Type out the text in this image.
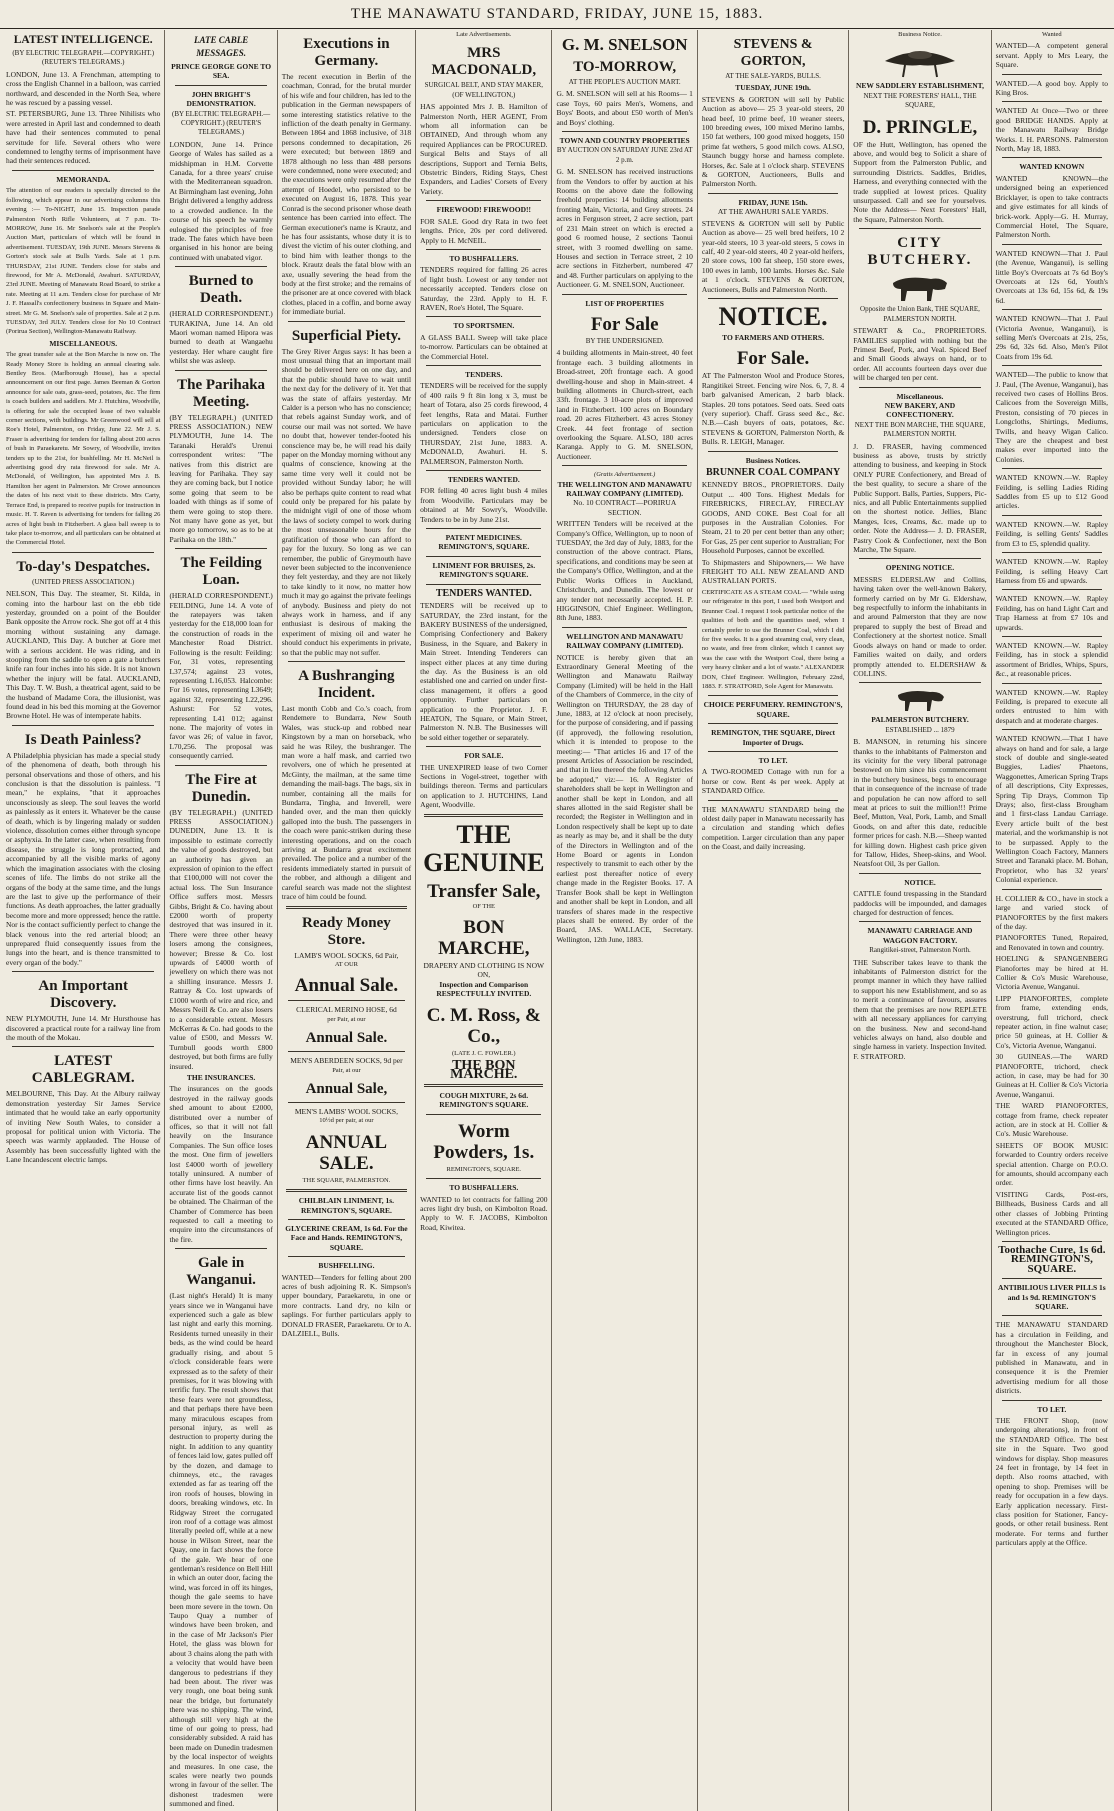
THE MANAWATU STANDARD, FRIDAY, JUNE 15, 1883.
LATEST INTELLIGENCE.
(BY ELECTRIC TELEGRAPH.—COPYRIGHT.) (REUTER'S TELEGRAMS.)
LONDON, June 13. A Frenchman, attempting to cross the English Channel in a balloon, was carried northward, and descended in the North Sea, where he was rescued by a passing vessel.
ST. PETERSBURG, June 13. Three Nihilists who were arrested in April last and condemned to death have had their sentences commuted to penal servitude for life. Several others who were condemned to lengthy terms of imprisonment have had their sentences reduced.
MEMORANDA.
The attention of our readers is specially directed to the following, which appear in our advertising columns this evening :— To-NIGHT, June 15. Inspection parade Palmerston North Rifle Volunteers, at 7 p.m. To-MORROW, June 16. Mr Snelson's sale at the People's Auction Mart, particulars of which will be found in advertisement. TUESDAY, 19th JUNE. Messrs Stevens & Gorton's stock sale at Bulls Yards. Sale at 1 p.m. THURSDAY, 21st JUNE. Tenders close for stabs and firewood, for Mr A. McDonald, Awahuri. SATURDAY, 23rd JUNE. Meeting of Manawatu Road Board, to strike a rate. Meeting at 11 a.m. Tenders close for purchase of Mr J. F. Hassall's confectionery business in Square and Main-street. Mr G. M. Snelson's sale of properties. Sale at 2 p.m. TUESDAY, 3rd JULY. Tenders close for No 10 Contract (Porirua Section), Wellington-Manawatu Railway.
MISCELLANEOUS.
The great transfer sale at the Bon Marche is now on. The Ready Money Store is holding an annual clearing sale. Bentley Bros. (Marlborough House), has a special announcement on our first page. James Beeman & Gorton announce for sale oats, grass-seed, potatoes, &c. The firm is coach builders and saddlers. Mr J. Hutchins, Woodville, is offering for sale the occupied lease of two valuable corner sections, with buildings. Mr Greenwood will sell at Roe's Hotel, Palmerston, on Friday, June 22. Mr J. S. Fraser is advertising for tenders for falling about 200 acres of bush in Paraekaretu. Mr Sowry, of Woodville, invites tenders up to the 21st, for bushfelling. Mr H. McNeil is advertising good dry rata firewood for sale. Mr A. McDonald, of Wellington, has appointed Mrs J. B. Hamilton her agent in Palmerston. Mr Crowe announces the dates of his next visit to these districts. Mrs Carty, Terrace End, is prepared to receive pupils for instruction in music. H. T. Raven is advertising for tenders for falling 26 acres of light bush in Fitzherbert. A glass ball sweep is to take place to-morrow, and all particulars can be obtained at the Commercial Hotel.
To-day's Despatches.
(UNITED PRESS ASSOCIATION.)
NELSON, This Day. The steamer, St. Kilda, in coming into the harbour last on the ebb tide yesterday, grounded on a point of the Boulder Bank opposite the Arrow rock. She got off at 4 this morning without sustaining any damage. AUCKLAND, This Day. A butcher at Gore met with a serious accident. He was riding, and in stooping from the saddle to open a gate a butchers knife ran four inches into his side. It is not known whether the injury will be fatal. AUCKLAND, This Day. T. W. Bush, a theatrical agent, said to be the husband of Madame Cora, the illusionist, was found dead in his bed this morning at the Governor Browne Hotel. He was of intemperate habits.
Is Death Painless?
A Philadelphia physician has made a special study of the phenomena of death, both through his personal observations and those of others, and his conclusion is that the dissolution is painless. "I mean," he explains, "that it approaches unconsciously as sleep. The soul leaves the world as painlessly as it enters it. Whatever be the cause of death, which is by lingering malady or sudden violence, dissolution comes either through syncope or asphyxia. In the latter case, when resulting from disease, the struggle is long protracted, and accompanied by all the visible marks of agony which the imagination associates with the closing scenes of life. The limbs do not strike all the organs of the body at the same time, and the lungs are the last to give up the performance of their functions. As death approaches, the latter gradually become more and more oppressed; hence the rattle. Nor is the contact sufficiently perfect to change the black venous into the red arterial blood; an unprepared fluid consequently issues from the lungs into the heart, and is thence transmitted to every organ of the body."
An Important Discovery.
NEW PLYMOUTH, June 14. Mr Hursthouse has discovered a practical route for a railway line from the mouth of the Mokau.
LATEST CABLEGRAM.
MELBOURNE, This Day. At the Albury railway demonstration yesterday Sir James Service intimated that he would take an early opportunity of inviting New South Wales, to consider a proposal for political union with Victoria. The speech was warmly applauded. The House of Assembly has been successfully lighted with the Lane Incandescent electric lamps.
LATE CABLE MESSAGES.
PRINCE GEORGE GONE TO SEA.
JOHN BRIGHT'S DEMONSTRATION.
(BY ELECTRIC TELEGRAPH.—COPYRIGHT.) (REUTER'S TELEGRAMS.)
LONDON, June 14. Prince George of Wales has sailed as a midshipman in H.M. Corvette Canada, for a three years' cruise with the Mediterranean squadron. At Birmingham last evening, John Bright delivered a lengthy address to a crowded audience. In the course of his speech he warmly eulogised the principles of free trade. The fates which have been organised in his honor are being continued with unabated vigor.
Burned to Death.
(HERALD CORRESPONDENT.) TURAKINA, June 14. An old Maori woman named Hipora was burned to death at Wangaehu yesterday. Her whare caught fire whilst she was asleep.
The Parihaka Meeting.
(BY TELEGRAPH.) (UNITED PRESS ASSOCIATION.) NEW PLYMOUTH, June 14. The Taranaki Herald's Urenui correspondent writes: "The natives from this district are leaving for Parihaka. They say they are coming back, but I notice some going that seem to be loaded with things as if some of them were going to stop there. Not many have gone as yet, but more go tomorrow, so as to be at Parihaka on the 18th."
The Feilding Loan.
(HERALD CORRESPONDENT.) FEILDING, June 14. A vote of the ratepayers was taken yesterday for the £18,000 loan for the construction of roads in the Manchester Road District. Following is the result: Feilding: For, 31 votes, representing L37,574; against 23 votes, representing L16,053. Halcombe: For 16 votes, representing L3649; against 32, representing L22,296. Ashurst: For 52 votes, representing L41 012; against none. The majority of votes in favor was 26; of value in favor, L70,256. The proposal was consequently carried.
The Fire at Dunedin.
(BY TELEGRAPH.) (UNITED PRESS ASSOCIATION.) DUNEDIN, June 13. It is impossible to estimate correctly the value of goods destroyed, but an authority has given an expression of opinion to the effect that £100,000 will not cover the actual loss. The Sun Insurance Office suffers most. Messrs Gibbs, Bright & Co. having about £2000 worth of property destroyed that was insured in it. There were three other heavy losers among the consignees, however; Bresse & Co. lost upwards of £4000 worth of jewellery on which there was not a shilling insurance. Messrs J. Rattray & Co. lost upwards of £1000 worth of wire and rice, and Messrs Neill & Co. are also losers to a considerable extent. Messrs McKerras & Co. had goods to the value of £500, and Messrs W. Turnbull goods worth £800 destroyed, but both firms are fully insured.
THE INSURANCES.
The insurances on the goods destroyed in the railway goods shed amount to about £2000, distributed over a number of offices, so that it will not fall heavily on the Insurance Companies. The Sun office loses the most. One firm of jewellers lost £4000 worth of jewellery totally uninsured. A number of other firms have lost heavily. An accurate list of the goods cannot be obtained. The Chairman of the Chamber of Commerce has been requested to call a meeting to enquire into the circumstances of the fire.
Gale in Wanganui.
(Last night's Herald) It is many years since we in Wanganui have experienced such a gale as blew last night and early this morning. Residents turned uneasily in their beds, as the wind could be heard gradually rising, and about 5 o'clock considerable fears were expressed as to the safety of their premises, for it was blowing with terrific fury. The result shows that these fears were not groundless, and that perhaps there have been many miraculous escapes from personal injury, as well as destruction to property during the night. In addition to any quantity of fences laid low, gates pulled off by the dozen, and damage to chimneys, etc., the ravages extended as far as tearing off the iron roofs of houses, blowing in doors, breaking windows, etc. In Ridgway Street the corrugated iron roof of a cottage was almost literally peeled off, while at a new house in Wilson Street, near the Quay, one in fact shows the force of the gale. We hear of one gentleman's residence on Bell Hill in which an outer door, facing the wind, was forced in off its hinges, though the gale seems to have been more severe in the town. On Taupo Quay a number of windows have been broken, and in the case of Mr Jackson's Pier Hotel, the glass was blown for about 3 chains along the path with a velocity that would have been dangerous to pedestrians if they had been about. The river was very rough, one boat being sunk near the bridge, but fortunately there was no shipping. The wind, although still very high at the time of our going to press, had considerably subsided. A raid has been made on Dunedin tradesmen by the local inspector of weights and measures. In one case, the scales were nearly two pounds wrong in favour of the seller. The dishonest tradesmen were summoned and fined.
Executions in Germany.
The recent execution in Berlin of the coachman, Conrad, for the brutal murder of his wife and four children, has led to the publication in the German newspapers of some interesting statistics relative to the infliction of the death penalty in Germany. Between 1864 and 1868 inclusive, of 318 persons condemned to decapitation, 26 were executed; but between 1869 and 1878 although no less than 488 persons were condemned, none were executed; and the executions were only resumed after the attempt of Hoedel, who persisted to be executed on August 16, 1878. This year Conrad is the second prisoner whose death sentence has been carried into effect. The German executioner's name is Krautz, and he has four assistants, whose duty it is to divest the victim of his outer clothing, and to bind him with leather thongs to the block. Krautz deals the fatal blow with an axe, usually severing the head from the body at the first stroke; and the remains of the prisoner are at once covered with black clothes, placed in a coffin, and borne away for immediate burial.
Superficial Piety.
The Grey River Argus says: It has been a most unusual thing that an important mail should be delivered here on one day, and that the public should have to wait until the next day for the delivery of it. Yet that was the state of affairs yesterday. Mr Calder is a person who has no conscience; that rebels against Sunday work, and of course our mail was not sorted. We have no doubt that, however tender-footed his conscience may be, he will read his daily paper on the Monday morning without any qualms of conscience, knowing at the same time very well it could not be provided without Sunday labor; he will also be perhaps quite content to read what could only be prepared for his palate by the midnight vigil of one of those whom the laws of society compel to work during the most unseasonable hours for the gratification of those who can afford to pay for the luxury. So long as we can remember, the public of Greymouth have never been subjected to the inconvenience they felt yesterday, and they are not likely to take kindly to it now, no matter how much it may go against the private feelings of anybody. Business and piety do not always work in harness, and if any enthusiast is desirous of making the experiment of mixing oil and water he should conduct his experiments in private, so that the public may not suffer.
A Bushranging Incident.
Last month Cobb and Co.'s coach, from Rendemere to Bundarra, New South Wales, was stuck-up and robbed near Kingstown by a man on horseback, who said he was Riley, the bushranger. The man wore a half mask, and carried two revolvers, one of which he presented at McGinty, the mailman, at the same time demanding the mail-bags. The bags, six in number, containing all the mails for Bundarra, Tingha, and Inverell, were handed over, and the man then quickly galloped into the bush. The passengers in the coach were panic-striken during these interesting operations, and on the coach arriving at Bundarra great excitement prevailed. The police and a number of the residents immediately started in pursuit of the robber, and although a diligent and careful search was made not the slightest trace of him could be found.
Ready Money Store.
LAMB'S WOOL SOCKS, 6d Pair,
AT OUR
Annual Sale.
CLERICAL MERINO HOSE, 6d
per Pair, at our
Annual Sale.
MEN'S ABERDEEN SOCKS, 9d per
Pair, at our
Annual Sale,
MEN'S LAMBS' WOOL SOCKS,
10½d per pair, at our
ANNUAL SALE.
THE SQUARE, PALMERSTON.
CHILBLAIN LINIMENT, 1s. REMINGTON'S, SQUARE.
GLYCERINE CREAM, 1s 6d. For the Face and Hands. REMINGTON'S, SQUARE.
BUSHFELLING.
WANTED—Tenders for felling about 200 acres of bush adjoining R. K. Simpson's upper boundary, Paraekaretu, in one or more contracts. Land dry, no kiln or saplings. For further particulars apply to DONALD FRASER, Paraekaretu. Or to A. DALZIELL, Bulls.
Late Advertisements.
MRS MACDONALD,
SURGICAL BELT, AND STAY MAKER, (OF WELLINGTON,)
HAS appointed Mrs J. B. Hamilton of Palmerston North, HER AGENT, From whom all information can be OBTAINED, And through whom any required Appliances can be PROCURED. Surgical Belts and Stays of all descriptions, Support and Ternia Belts, Obstetric Binders, Riding Stays, Chest Expanders, and Ladies' Corsets of Every Variety.
FIREWOOD! FIREWOOD!!
FOR SALE. Good dry Rata in two feet lengths. Price, 20s per cord delivered. Apply to H. McNEIL.
TO BUSHFALLERS.
TENDERS required for falling 26 acres of light bush. Lowest or any tender not necessarily accepted. Tenders close on Saturday, the 23rd. Apply to H. F. RAVEN, Roe's Hotel, The Square.
TO SPORTSMEN.
A GLASS BALL Sweep will take place to-morrow. Particulars can be obtained at the Commercial Hotel.
TENDERS.
TENDERS will be received for the supply of 400 rails 9 ft 8in long x 3, must be heart of Totara, also 25 cords firewood, 4 feet lengths, Rata and Matai. Further particulars on application to the undersigned. Tenders close on THURSDAY, 21st June, 1883. A. McDONALD, Awahuri. H. S. PALMERSON, Palmerston North.
TENDERS WANTED.
FOR felling 40 acres light bush 4 miles from Woodville. Particulars may be obtained at Mr Sowry's, Woodville. Tenders to be in by June 21st.
PATENT MEDICINES. REMINGTON'S, SQUARE.
LINIMENT FOR BRUISES, 2s. REMINGTON'S SQUARE.
TENDERS WANTED.
TENDERS will be received up to SATURDAY, the 23rd instant, for the BAKERY BUSINESS of the undersigned, Comprising Confectionery and Bakery Business, in the Square, and Bakery in Main Street. Intending Tenderers can inspect either places at any time during the day. As the Business is an old established one and carried on under first-class management, it offers a good opportunity. Further particulars on application to the Proprietor. J. F. HEATON, The Square, or Main Street, Palmerston N. N.B. The Businesses will be sold either together or separately.
FOR SALE.
THE UNEXPIRED lease of two Corner Sections in Vogel-street, together with buildings thereon. Terms and particulars on application to J. HUTCHINS, Land Agent, Woodville.
THE GENUINE
Transfer Sale,
OF THE
BON MARCHE,
DRAPERY AND CLOTHING IS NOW ON,
Inspection and Comparison RESPECTFULLY INVITED.
C. M. Ross, & Co.,
(LATE J. C. FOWLER.)
THE BON MARCHE.
COUGH MIXTURE, 2s 6d. REMINGTON'S SQUARE.
Worm Powders, 1s.
REMINGTON'S, SQUARE.
TO BUSHFALLERS.
WANTED to let contracts for falling 200 acres light dry bush, on Kimbolton Road. Apply to W. F. JACOBS, Kimbolton Road, Kiwitea.
G. M. SNELSON
TO-MORROW,
AT THE PEOPLE'S AUCTION MART.
G. M. SNELSON will sell at his Rooms— 1 case Toys, 60 pairs Men's, Womens, and Boys' Boots, and about £50 worth of Men's and Boys' clothing.
TOWN AND COUNTRY PROPERTIES
BY AUCTION ON SATURDAY JUNE 23rd AT 2 p.m.
G. M. SNELSON has received instructions from the Vendors to offer by auction at his Rooms on the above date the following freehold properties: 14 building allotments fronting Main, Victoria, and Grey streets. 24 acres in Ferguson street, 2 acre section, part of 231 Main street on which is erected a good 6 roomed house, 2 sections Taonui street, with 3 roomed dwelling on same. Houses and section in Terrace street, 2 10 acre sections in Fitzherbert, numbered 47 and 48. Further particulars on applying to the Auctioneer. G. M. SNELSON, Auctioneer.
LIST OF PROPERTIES
For Sale
BY THE UNDERSIGNED.
4 building allotments in Main-street, 40 feet frontage each. 3 building allotments in Broad-street, 20ft frontage each. A good dwelling-house and shop in Main-street. 4 building allotments in Church-street, each 33ft. frontage. 3 10-acre plots of improved land in Fitzherbert. 100 acres on Boundary road. 20 acres Fitzherbert. 43 acres Stoney Creek. 44 feet frontage of section overlooking the Square. ALSO, 180 acres Karanga. Apply to G. M. SNELSON, Auctioneer.
(Gratis Advertisement.)
THE WELLINGTON AND MANAWATU RAILWAY COMPANY (LIMITED).
No. 10 CONTRACT—PORIRUA SECTION.
WRITTEN Tenders will be received at the Company's Office, Wellington, up to noon of TUESDAY, the 3rd day of July, 1883, for the construction of the above contract. Plans, specifications, and conditions may be seen at the Company's Office, Wellington, and at the Public Works Offices in Auckland, Christchurch, and Dunedin. The lowest or any tender not necessarily accepted. H. P. HIGGINSON, Chief Engineer. Wellington, 8th June, 1883.
WELLINGTON AND MANAWATU RAILWAY COMPANY (LIMITED).
NOTICE is hereby given that an Extraordinary General Meeting of the Wellington and Manawatu Railway Company (Limited) will be held in the Hall of the Chambers of Commerce, in the city of Wellington on THURSDAY, the 28 day of June, 1883, at 12 o'clock at noon precisely, for the purpose of considering, and if passing (if approved), the following resolution, which it is intended to propose to the meeting:— "That articles 16 and 17 of the present Articles of Association be rescinded, and that in lieu thereof the following Articles be adopted," viz:— 16. A Register of shareholders shall be kept in Wellington and another shall be kept in London, and all shares allotted in the said Register shall be recorded; the Register in Wellington and in London respectively shall be kept up to date as nearly as may be, and it shall be the duty of the Directors in Wellington and of the Home Board or agents in London respectively to transmit to each other by the earliest post thereafter notice of every change made in the Register Books. 17. A Transfer Book shall be kept in Wellington and another shall be kept in London, and all transfers of shares made in the respective places shall be entered. By order of the Board, JAS. WALLACE, Secretary. Wellington, 12th June, 1883.
STEVENS & GORTON,
AT THE SALE-YARDS, BULLS.
TUESDAY, JUNE 19th.
STEVENS & GORTON will sell by Public Auction as above— 25 3 year-old steers, 20 head beef, 10 prime beef, 10 weaner steers, 100 breeding ewes, 100 mixed Merino lambs, 150 fat wethers, 100 good mixed hoggets, 150 prime fat wethers, 5 good milch cows. ALSO, Staunch buggy horse and harness complete. Horses, &c. Sale at 1 o'clock sharp. STEVENS & GORTON, Auctioneers, Bulls and Palmerston North.
FRIDAY, JUNE 15th.
AT THE AWAHURI SALE YARDS.
STEVENS & GORTON will sell by Public Auction as above— 25 well bred heifers, 10 2 year-old steers, 10 3 year-old steers, 5 cows in calf, 40 2 year-old steers, 40 2 year-old heifers, 20 store cows, 100 fat sheep, 150 store ewes, 100 ewes in lamb, 100 lambs. Horses &c. Sale at 1 o'clock. STEVENS & GORTON, Auctioneers, Bulls and Palmerston North.
NOTICE.
TO FARMERS AND OTHERS.
For Sale.
AT The Palmerston Wool and Produce Stores, Rangitikei Street. Fencing wire Nos. 6, 7, 8. 4 barb galvanised American, 2 barb black. Staples. 20 tons potatoes. Seed oats. Seed oats (very superior). Chaff. Grass seed &c., &c. N.B.—Cash buyers of oats, potatoes, &c. STEVENS & GORTON, Palmerston North, & Bulls. R. LEIGH, Manager.
Business Notices.
BRUNNER COAL COMPANY
KENNEDY BROS., PROPRIETORS. Daily Output ... 400 Tons. Highest Medals for FIREBRICKS, FIRECLAY, FIRECLAY GOODS, AND COKE. Best Coal for all purposes in the Australian Colonies. For Steam, 21 to 20 per cent better than any other; For Gas, 25 per cent superior to Australian; For Household Purposes, cannot be excelled.
To Shipmasters and Shipowners,— We have FREIGHT TO ALL NEW ZEALAND AND AUSTRALIAN PORTS.
CERTIFICATE AS A STEAM COAL— "While using our refrigerator in this port, I used both Westport and Brunner Coal. I request I took particular notice of the qualities of both and the quantities used, when I certainly prefer to use the Brunner Coal, which I did for five weeks. It is a good steaming coal, very clean, no waste, and free from clinker, which I cannot say was the case with the Westport Coal, there being a very heavy clinker and a lot of waste." ALEXANDER DON, Chief Engineer. Wellington, February 22nd, 1883. F. STRATFORD, Sole Agent for Manawatu.
CHOICE PERFUMERY. REMINGTON'S, SQUARE.
REMINGTON, THE SQUARE, Direct Importer of Drugs.
TO LET.
A TWO-ROOMED Cottage with run for a horse or cow. Rent 4s per week. Apply at STANDARD Office.
THE MANAWATU STANDARD being the oldest daily paper in Manawatu necessarily has a circulation and standing which defies competition. Larger circulation than any paper on the Coast, and daily increasing.
Business Notice.
NEW SADDLERY ESTABLISHMENT,
NEXT THE FORESTERS' HALL, THE SQUARE,
D. PRINGLE,
OF the Hutt, Wellington, has opened the above, and would beg to Solicit a share of Support from the Palmerston Public, and surrounding Districts. Saddles, Bridles, Harness, and everything connected with the trade supplied at lowest prices. Quality unsurpassed. Call and see for yourselves. Note the Address— Next Foresters' Hall, the Square, Palmerston North.
CITY BUTCHERY.
Opposite the Union Bank, THE SQUARE, PALMERSTON NORTH.
STEWART & Co., PROPRIETORS. FAMILIES supplied with nothing but the Primest Beef, Pork, and Veal. Spiced Beef and Small Goods always on hand, or to order. All accounts fourteen days over due will be charged ten per cent.
Miscellaneous.
NEW BAKERY, AND CONFECTIONERY.
NEXT THE BON MARCHE, THE SQUARE, PALMERSTON NORTH.
J. D. FRASER, having commenced business as above, trusts by strictly attending to business, and keeping in Stock ONLY PURE Confectionery, and Bread of the best quality, to secure a share of the Public Support. Balls, Parties, Suppers, Pic-nics, and all Public Entertainments supplied on the shortest notice. Jellies, Blanc Manges, Ices, Creams, &c. made up to order. Note the Address— J. D. FRASER, Pastry Cook & Confectioner, next the Bon Marche, The Square.
OPENING NOTICE.
MESSRS ELDERSLAW and Collins, having taken over the well-known Bakery, formerly carried on by Mr G. Eldershaw, beg respectfully to inform the inhabitants in and around Palmerston that they are now prepared to supply the best of Bread and Confectionery at the shortest notice. Small Goods always on hand or made to order. Families waited on daily, and orders promptly attended to. ELDERSHAW & COLLINS.
PALMERSTON BUTCHERY.
ESTABLISHED ... 1879
B. MANSON, in returning his sincere thanks to the inhabitants of Palmerston and its vicinity for the very liberal patronage bestowed on him since his commencement in the butchery business, begs to encourage that in consequence of the increase of trade and population he can now afford to sell meat at prices to suit the million!!! Prime Beef, Mutton, Veal, Pork, Lamb, and Small Goods, on and after this date, reducible former prices for cash. N.B.—Sheep wanted for killing down. Highest cash price given for Tallow, Hides, Sheep-skins, and Wool. Neatsfoot Oil, 3s per Gallon.
NOTICE.
CATTLE found trespassing in the Standard paddocks will be impounded, and damages charged for destruction of fences.
MANAWATU CARRIAGE AND WAGGON FACTORY.
Rangitikei-street, Palmerston North.
THE Subscriber takes leave to thank the inhabitants of Palmerston district for the prompt manner in which they have rallied to support his new Establishment, and so as to merit a continuance of favours, assures them that the premises are now REPLETE with all necessary appliances for carrying on the business. New and second-hand vehicles always on hand, also double and single harness in variety. Inspection Invited. F. STRATFORD.
Wanted
WANTED—A competent general servant. Apply to Mrs Leary, the Square.
WANTED.—A good boy. Apply to King Bros.
WANTED At Once—Two or three good BRIDGE HANDS. Apply at the Manawatu Railway Bridge Works. I. H. PARSONS. Palmerston North, May 18, 1883.
WANTED KNOWN
WANTED KNOWN—the undersigned being an experienced Bricklayer, is open to take contracts and give estimates for all kinds of brick-work. Apply—G. H. Murray, Commercial Hotel, The Square, Palmerston North.
WANTED KNOWN—That J. Paul (the Avenue, Wanganui), is selling little Boy's Overcoats at 7s 6d Boy's Overcoats at 12s 6d, Youth's Overcoats at 13s 6d, 15s 6d, & 19s 6d.
WANTED KNOWN—That J. Paul (Victoria Avenue, Wanganui), is selling Men's Overcoats at 21s, 25s, 29s 6d, 32s 6d. Also, Men's Pilot Coats from 19s 6d.
WANTED—The public to know that J. Paul, (The Avenue, Wanganui), has received two cases of Hollins Bros. Calicoes from the Sovereign Mills, Preston, consisting of 70 pieces in Longcloths, Shirtings, Mediums, Twills, and heavy Wigan Calico. They are the cheapest and best makes ever imported into the Colonies.
WANTED KNOWN.—W. Rapley Feilding, is selling Ladies Riding Saddles from £5 up to £12 Good articles.
WANTED KNOWN.—W. Rapley Feilding, is selling Gents' Saddles from £3 to £5, splendid quality.
WANTED KNOWN.—W. Rapley Feilding, is selling Heavy Cart Harness from £6 and upwards.
WANTED KNOWN.—W. Rapley Feilding, has on hand Light Cart and Trap Harness at from £7 10s and upwards.
WANTED KNOWN.—W. Rapley Feilding, has in stock a splendid assortment of Bridles, Whips, Spurs, &c., at reasonable prices.
WANTED KNOWN.—W. Rapley Feilding, is prepared to execute all orders entrusted to him with despatch and at moderate charges.
WANTED KNOWN.—That I have always on hand and for sale, a large stock of double and single-seated Buggies, Ladies' Phaetons, Waggonettes, American Spring Traps of all descriptions, City Expresses, Spring Tip Drays, Common Tip Drays; also, first-class Brougham and 1 first-class Landau Carriage. Every article built of the best material, and the workmanship is not to be surpassed. Apply to the Wellington Coach Factory, Manners Street and Taranaki place. M. Bohan, Proprietor, who has 32 years' Colonial experience.
H. COLLIER & CO., have in stock a large and varied stock of PIANOFORTES by the first makers of the day.
PIANOFORTES Tuned, Repaired, and Renovated in town and country.
HOELING & SPANGENBERG Pianofortes may be hired at H. Collier & Co's Music Warehouse, Victoria Avenue, Wanganui.
LIPP PIANOFORTES, complete from frame, extending ends, overstrung, full trichord, check repeater action, in fine walnut case; price 50 guineas, at H. Collier & Co's, Victoria Avenue, Wanganui.
30 GUINEAS.—The WARD PIANOFORTE, trichord, check action, in case, may be had for 30 Guineas at H. Collier & Co's Victoria Avenue, Wanganui.
THE WARD PIANOFORTES, cottage from frame, check repeater action, are in stock at H. Collier & Co's. Music Warehouse.
SHEETS OF BOOK MUSIC forwarded to Country orders receive special attention. Charge on P.O.O. for amounts, should accompany each order.
VISITING Cards, Post-ers, Billheads, Business Cards and all other classes of Jobbing Printing executed at the STANDARD Office, Wellington prices.
Toothache Cure, 1s 6d. REMINGTON'S, SQUARE.
ANTIBILIOUS LIVER PILLS 1s and 1s 9d. REMINGTON'S SQUARE.
THE MANAWATU STANDARD has a circulation in Feilding, and throughout the Manchester Block, far in excess of any journal published in Manawatu, and in consequence it is the Premier advertising medium for all those districts.
TO LET.
THE FRONT Shop, (now undergoing alterations), in front of the STANDARD Office. The best site in the Square. Two good windows for display. Shop measures 24 feet in frontage, by 14 feet in depth. Also rooms attached, with opening to shop. Premises will be ready for occupation in a few days. Early application necessary. First-class position for Stationer, Fancy-goods, or other retail business. Rent moderate. For terms and further particulars apply at the Office.
